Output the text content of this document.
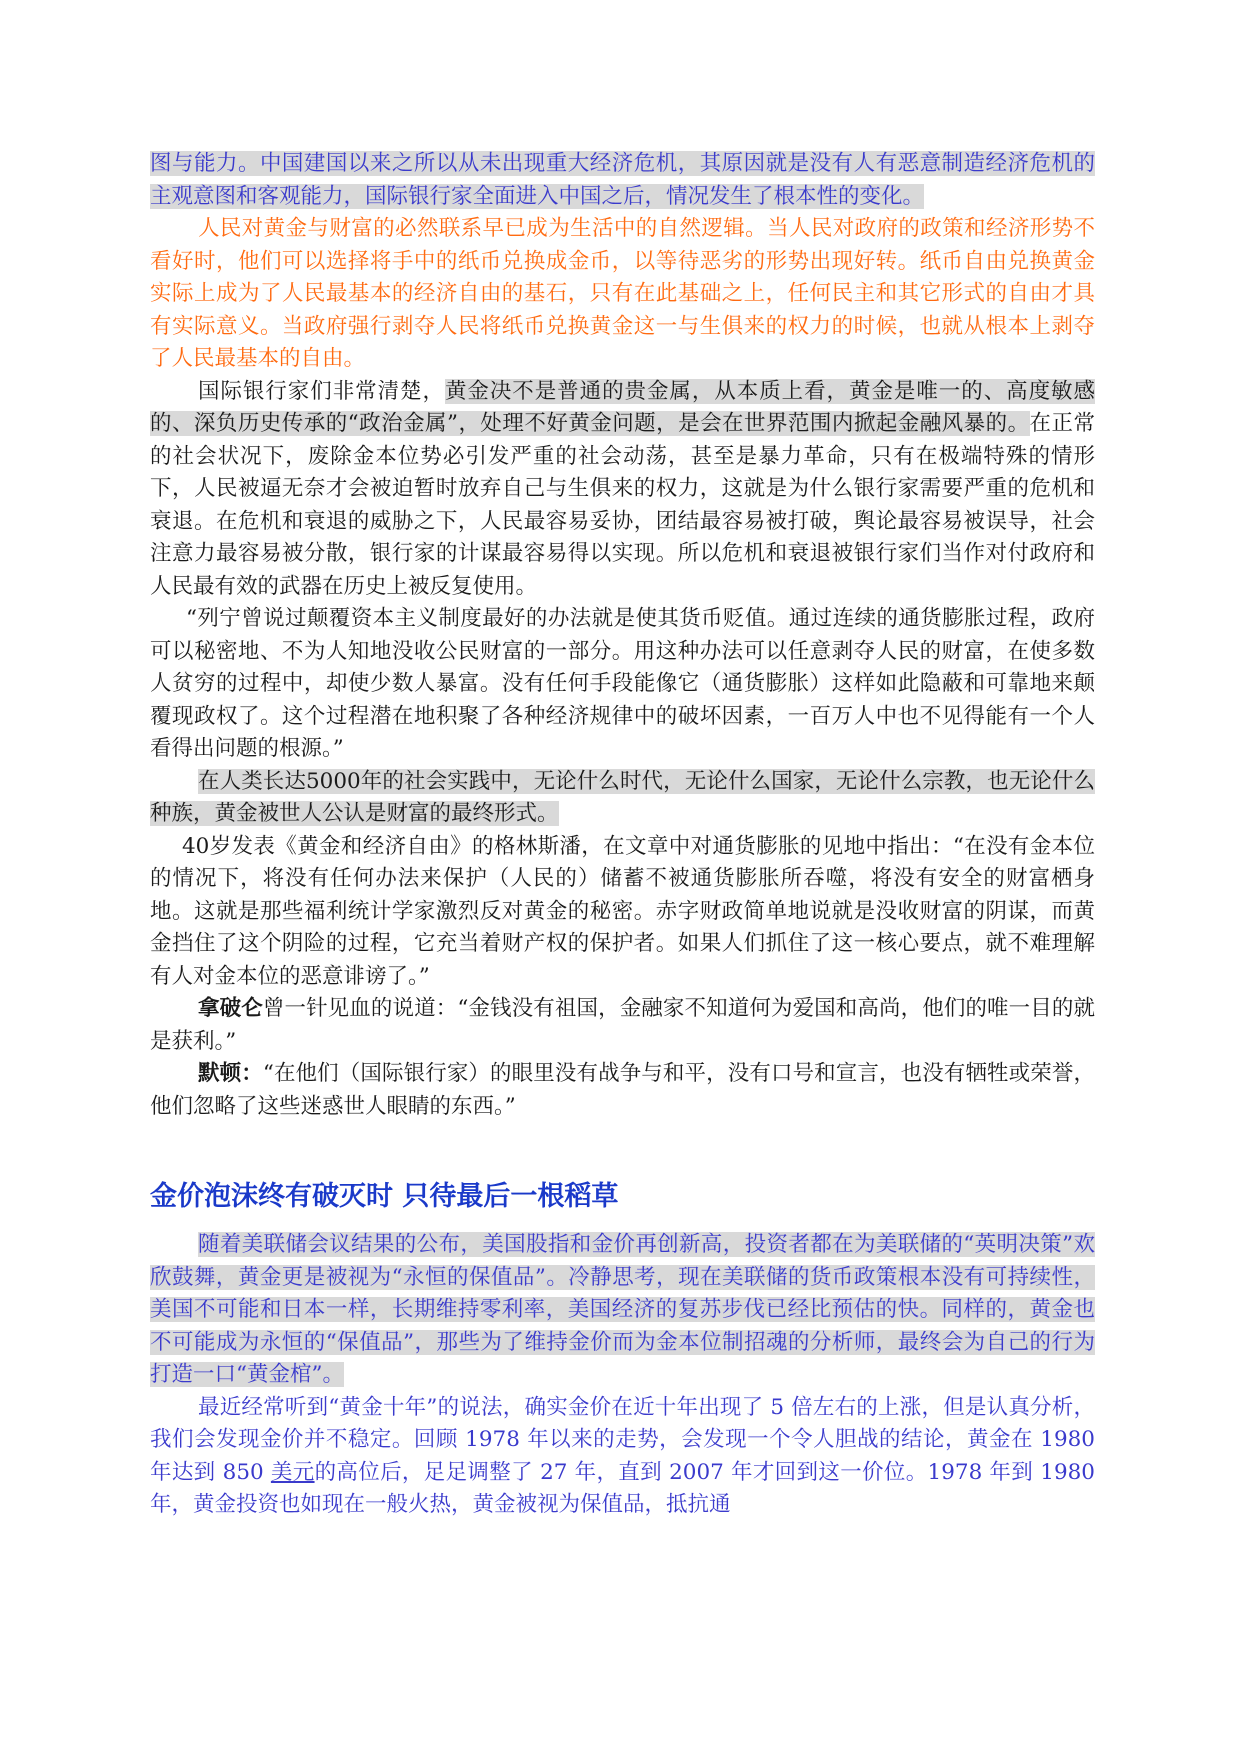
图与能力。中国建国以来之所以从未出现重大经济危机，其原因就是没有人有恶意制造经济危机的主观意图和客观能力，国际银行家全面进入中国之后，情况发生了根本性的变化。

人民对黄金与财富的必然联系早已成为生活中的自然逻辑。当人民对政府的政策和经济形势不看好时，他们可以选择将手中的纸币兑换成金币，以等待恶劣的形势出现好转。纸币自由兑换黄金实际上成为了人民最基本的经济自由的基石，只有在此基础之上，任何民主和其它形式的自由才具有实际意义。当政府强行剥夺人民将纸币兑换黄金这一与生俱来的权力的时候，也就从根本上剥夺了人民最基本的自由。

国际银行家们非常清楚，黄金决不是普通的贵金属，从本质上看，黄金是唯一的、高度敏感的、深负历史传承的“政治金属”，处理不好黄金问题，是会在世界范围内掀起金融风暴的。在正常的社会状况下，废除金本位势必引发严重的社会动荡，甚至是暴力革命，只有在极端特殊的情形下，人民被逼无奈才会被迫暂时放弃自己与生俱来的权力，这就是为什么银行家需要严重的危机和衰退。在危机和衰退的威胁之下，人民最容易妥协，团结最容易被打破，舆论最容易被误导，社会注意力最容易被分散，银行家的计谋最容易得以实现。所以危机和衰退被银行家们当作对付政府和人民最有效的武器在历史上被反复使用。

“列宁曾说过颠覆资本主义制度最好的办法就是使其货币贬值。通过连续的通货膨胀过程，政府可以秘密地、不为人知地没收公民财富的一部分。用这种办法可以任意剥夺人民的财富，在使多数人贫穷的过程中，却使少数人暴富。没有任何手段能像它（通货膨胀）这样如此隐蔽和可靠地来颠覆现政权了。这个过程潜在地积聚了各种经济规律中的破坏因素，一百万人中也不见得能有一个人看得出问题的根源。”

在人类长达5000年的社会实践中，无论什么时代，无论什么国家，无论什么宗教，也无论什么种族，黄金被世人公认是财富的最终形式。

40岁发表《黄金和经济自由》的格林斯潘，在文章中对通货膨胀的见地中指出：“在没有金本位的情况下，将没有任何办法来保护（人民的）储蓄不被通货膨胀所吞噬，将没有安全的财富栖身地。这就是那些福利统计学家激烈反对黄金的秘密。赤字财政简单地说就是没收财富的阴谋，而黄金挡住了这个阴险的过程，它充当着财产权的保护者。如果人们抓住了这一核心要点，就不难理解有人对金本位的恶意诽谤了。”

拿破仑曾一针见血的说道：“金钱没有祖国，金融家不知道何为爱国和高尚，他们的唯一目的就是获利。”

默顿：“在他们（国际银行家）的眼里没有战争与和平，没有口号和宣言，也没有牺牲或荣誉，他们忽略了这些迷惑世人眼睛的东西。”

金价泡沫终有破灭时 只待最后一根稻草

随着美联储会议结果的公布，美国股指和金价再创新高，投资者都在为美联储的“英明决策”欢欣鼓舞，黄金更是被视为“永恒的保值品”。冷静思考，现在美联储的货币政策根本没有可持续性，美国不可能和日本一样，长期维持零利率，美国经济的复苏步伐已经比预估的快。同样的，黄金也不可能成为永恒的“保值品”，那些为了维持金价而为金本位制招魂的分析师，最终会为自己的行为打造一口“黄金棺”。

最近经常听到“黄金十年”的说法，确实金价在近十年出现了 5 倍左右的上涨，但是认真分析，我们会发现金价并不稳定。回顾 1978 年以来的走势，会发现一个令人胆战的结论，黄金在 1980 年达到 850 美元的高位后，足足调整了 27 年，直到 2007 年才回到这一价位。1978 年到 1980 年，黄金投资也如现在一般火热，黄金被视为保值品，抵抗通
